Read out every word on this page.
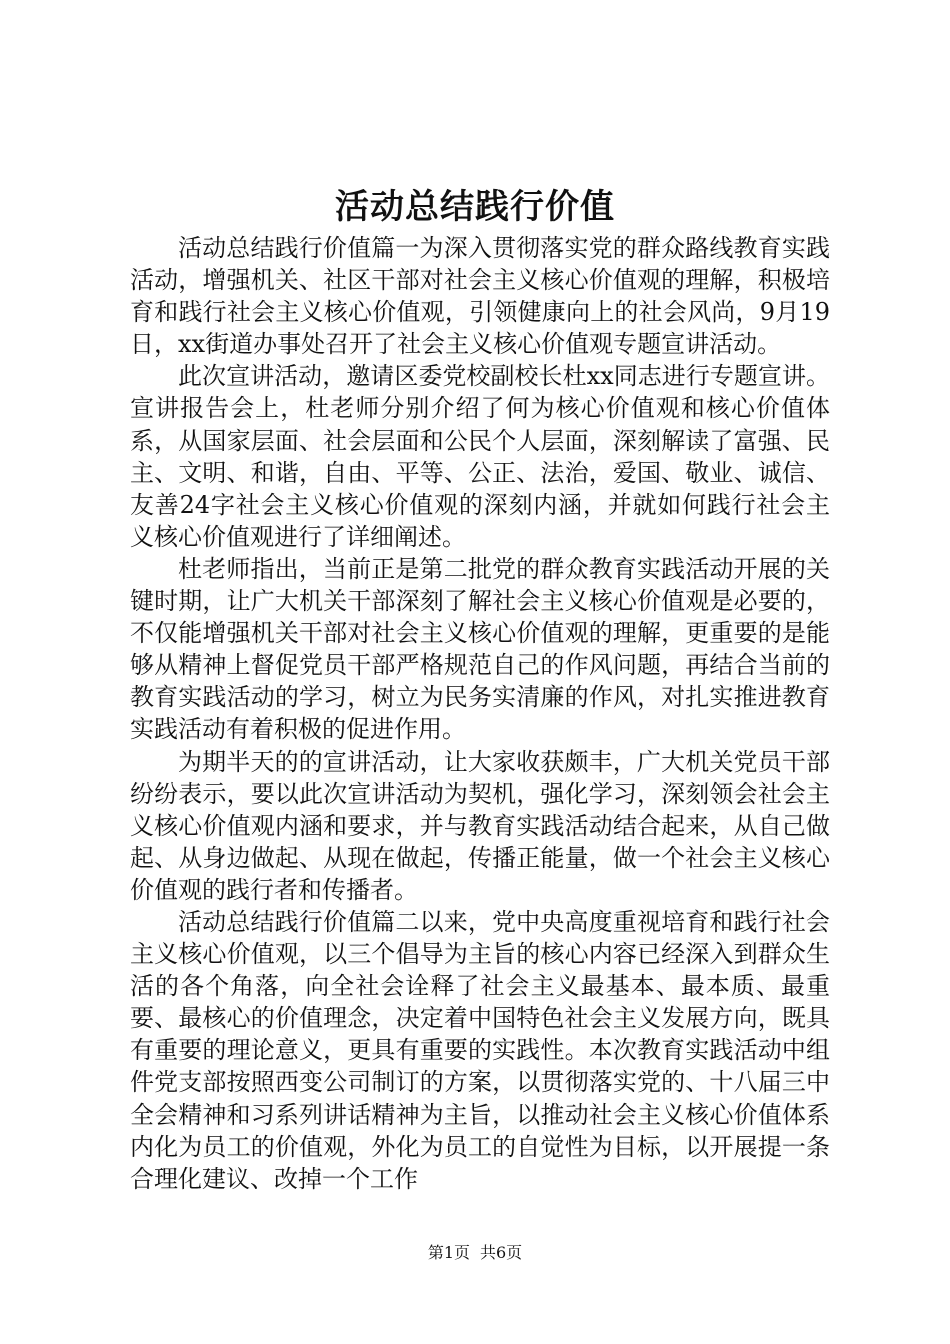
活动总结践行价值

活动总结践行价值篇一为深入贯彻落实党的群众路线教育实践活动，增强机关、社区干部对社会主义核心价值观的理解，积极培育和践行社会主义核心价值观，引领健康向上的社会风尚，9月19日，xx街道办事处召开了社会主义核心价值观专题宣讲活动。

此次宣讲活动，邀请区委党校副校长杜xx同志进行专题宣讲。宣讲报告会上，杜老师分别介绍了何为核心价值观和核心价值体系，从国家层面、社会层面和公民个人层面，深刻解读了富强、民主、文明、和谐，自由、平等、公正、法治，爱国、敬业、诚信、友善24字社会主义核心价值观的深刻内涵，并就如何践行社会主义核心价值观进行了详细阐述。

杜老师指出，当前正是第二批党的群众教育实践活动开展的关键时期，让广大机关干部深刻了解社会主义核心价值观是必要的，不仅能增强机关干部对社会主义核心价值观的理解，更重要的是能够从精神上督促党员干部严格规范自己的作风问题，再结合当前的教育实践活动的学习，树立为民务实清廉的作风，对扎实推进教育实践活动有着积极的促进作用。

为期半天的的宣讲活动，让大家收获颇丰，广大机关党员干部纷纷表示，要以此次宣讲活动为契机，强化学习，深刻领会社会主义核心价值观内涵和要求，并与教育实践活动结合起来，从自己做起、从身边做起、从现在做起，传播正能量，做一个社会主义核心价值观的践行者和传播者。

活动总结践行价值篇二以来，党中央高度重视培育和践行社会主义核心价值观，以三个倡导为主旨的核心内容已经深入到群众生活的各个角落，向全社会诠释了社会主义最基本、最本质、最重要、最核心的价值理念，决定着中国特色社会主义发展方向，既具有重要的理论意义，更具有重要的实践性。本次教育实践活动中组件党支部按照西变公司制订的方案，以贯彻落实党的、十八届三中全会精神和习系列讲话精神为主旨，以推动社会主义核心价值体系内化为员工的价值观，外化为员工的自觉性为目标，以开展提一条合理化建议、改掉一个工作

第1页 共6页
